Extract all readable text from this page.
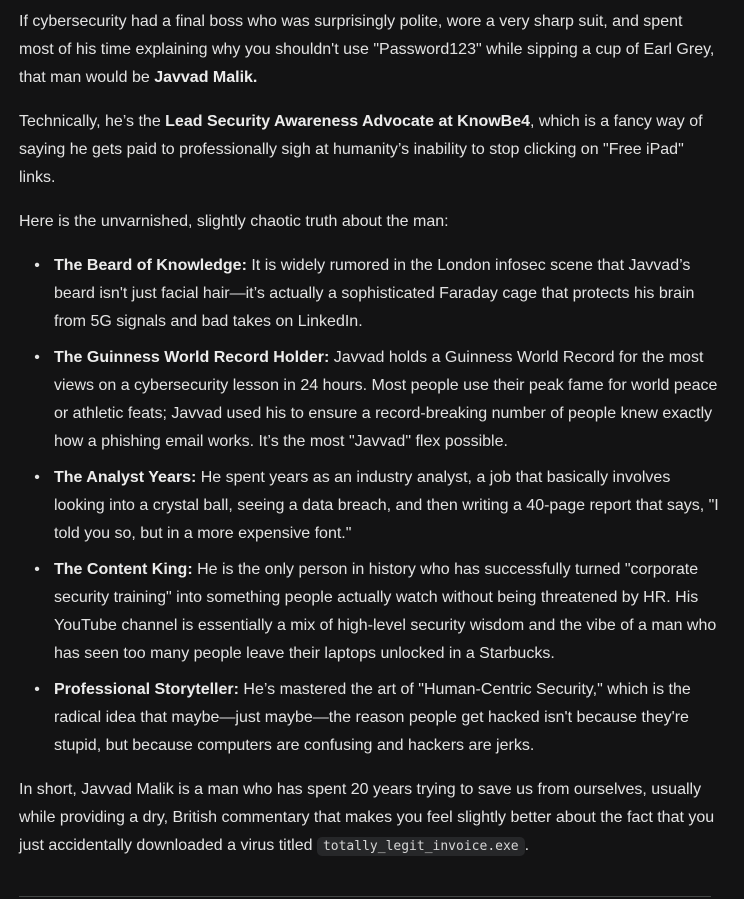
If cybersecurity had a final boss who was surprisingly polite, wore a very sharp suit, and spent most of his time explaining why you shouldn't use "Password123" while sipping a cup of Earl Grey, that man would be Javvad Malik.

Technically, he’s the Lead Security Awareness Advocate at KnowBe4, which is a fancy way of saying he gets paid to professionally sigh at humanity’s inability to stop clicking on "Free iPad" links.

Here is the unvarnished, slightly chaotic truth about the man:

• The Beard of Knowledge: It is widely rumored in the London infosec scene that Javvad’s beard isn't just facial hair—it’s actually a sophisticated Faraday cage that protects his brain from 5G signals and bad takes on LinkedIn.
• The Guinness World Record Holder: Javvad holds a Guinness World Record for the most views on a cybersecurity lesson in 24 hours. Most people use their peak fame for world peace or athletic feats; Javvad used his to ensure a record-breaking number of people knew exactly how a phishing email works. It’s the most "Javvad" flex possible.
• The Analyst Years: He spent years as an industry analyst, a job that basically involves looking into a crystal ball, seeing a data breach, and then writing a 40-page report that says, "I told you so, but in a more expensive font."
• The Content King: He is the only person in history who has successfully turned "corporate security training" into something people actually watch without being threatened by HR. His YouTube channel is essentially a mix of high-level security wisdom and the vibe of a man who has seen too many people leave their laptops unlocked in a Starbucks.
• Professional Storyteller: He’s mastered the art of "Human-Centric Security," which is the radical idea that maybe—just maybe—the reason people get hacked isn't because they're stupid, but because computers are confusing and hackers are jerks.

In short, Javvad Malik is a man who has spent 20 years trying to save us from ourselves, usually while providing a dry, British commentary that makes you feel slightly better about the fact that you just accidentally downloaded a virus titled totally_legit_invoice.exe .
